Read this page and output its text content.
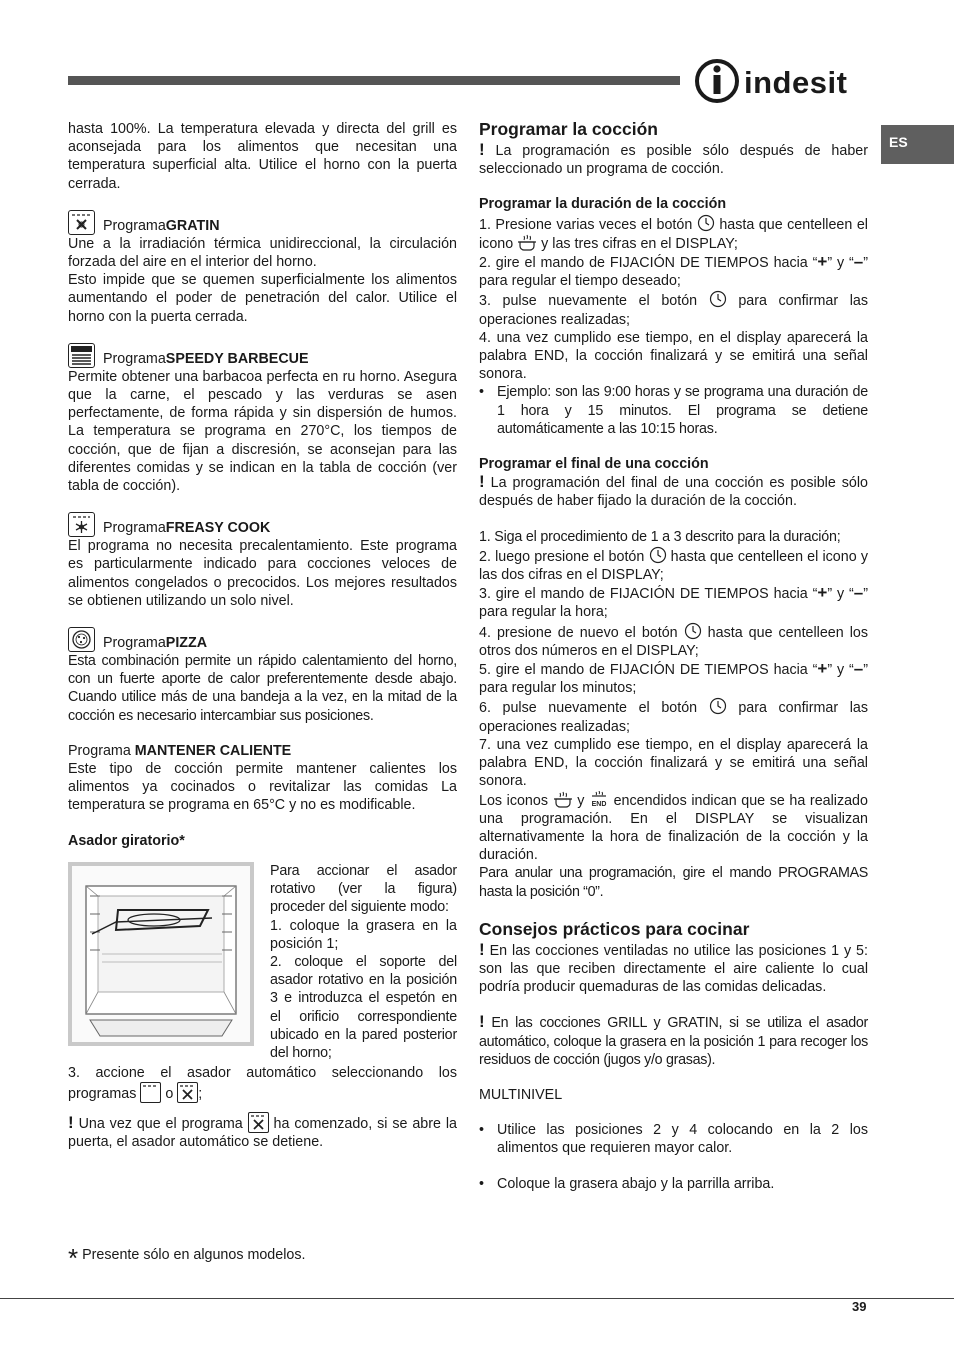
indesit
ES

hasta 100%. La temperatura elevada y directa del grill es aconsejada para los alimentos que necesitan una temperatura superficial alta. Utilice el horno con la puerta cerrada.

Programa GRATIN

Une a la irradiación térmica unidireccional, la circulación forzada del aire en el interior del horno.

Esto impide que se quemen superficialmente los alimentos aumentando el poder de penetración del calor. Utilice el horno con la puerta cerrada.

Programa SPEEDY BARBECUE

Permite obtener una barbacoa perfecta en ru horno. Asegura que la carne, el pescado y las verduras se asen perfectamente, de forma rápida y sin dispersión de humos. La temperatura se programa en 270°C, los tiempos de cocción, que de fijan a discresión, se aconsejan para las diferentes comidas y se indican en la tabla de cocción (ver tabla de cocción).

Programa FREASY COOK

El programa no necesita precalentamiento. Este programa es particularmente indicado para cocciones veloces de alimentos congelados o precocidos. Los mejores resultados se obtienen utilizando un solo nivel.

Programa PIZZA

Esta combinación permite un rápido calentamiento del horno, con un fuerte aporte de calor preferentemente desde abajo. Cuando utilice más de una bandeja a la vez, en la mitad de la cocción es necesario intercambiar sus posiciones.

Programa MANTENER CALIENTE

Este tipo de cocción permite mantener calientes los alimentos ya cocinados o revitalizar las comidas La temperatura se programa en 65°C y no es modificable.

Asador giratorio*

Para accionar el asador rotativo (ver la figura) proceder del siguiente modo:

1. coloque la grasera en la posición 1;

2. coloque el soporte del asador rotativo en la posición 3 e introduzca el espetón en el orificio correspondiente ubicado en la pared posterior del horno;

3. accione el asador automático seleccionando los programas o ;

! Una vez que el programa ha comenzado, si se abre la puerta, el asador automático se detiene.

Programar la cocción

! La programación es posible sólo después de haber seleccionado un programa de cocción.

Programar la duración de la cocción

1. Presione varias veces el botón hasta que centelleen el icono y las tres cifras en el DISPLAY;

2. gire el mando de FIJACIÓN DE TIEMPOS hacia “+” y “–” para regular el tiempo deseado;

3. pulse nuevamente el botón	para confirmar las operaciones realizadas;

4. una vez cumplido ese tiempo, en el display aparecerá la palabra END, la cocción finalizará y se emitirá una señal sonora.

• Ejemplo: son las 9:00 horas y se programa una duración de 1 hora y 15 minutos. El programa se detiene automáticamente a las 10:15 horas.

Programar el final de una cocción

! La programación del final de una cocción es posible sólo después de haber fijado la duración de la cocción.

1. Siga el procedimiento de 1 a 3 descrito para la duración;

2. luego presione el botón hasta que centelleen el icono y las dos cifras en el DISPLAY;

3. gire el mando de FIJACIÓN DE TIEMPOS hacia “+” y “–” para regular la hora;

4. presione de nuevo el botón hasta que centelleen los otros dos números en el DISPLAY;

5. gire el mando de FIJACIÓN DE TIEMPOS hacia “+” y “–” para regular los minutos;

6. pulse nuevamente el botón	para confirmar las operaciones realizadas;

7. una vez cumplido ese tiempo, en el display aparecerá la palabra END, la cocción finalizará y se emitirá una señal sonora.

Los iconos y END encendidos indican que se ha realizado una programación. En el DISPLAY se visualizan alternativamente la hora de finalización de la cocción y la duración.

Para anular una programación, gire el mando PROGRAMAS hasta la posición “0”.

Consejos prácticos para cocinar

! En las cocciones ventiladas no utilice las posiciones 1 y 5: son las que reciben directamente el aire caliente lo cual podría producir quemaduras de las comidas delicadas.

! En las cocciones GRILL y GRATIN, si se utiliza el asador automático, coloque la grasera en la posición 1 para recoger los residuos de cocción (jugos y/o grasas).

MULTINIVEL

• Utilice las posiciones 2 y 4 colocando en la 2 los alimentos que requieren mayor calor.

• Coloque la grasera abajo y la parrilla arriba.

* Presente sólo en algunos modelos.
39
